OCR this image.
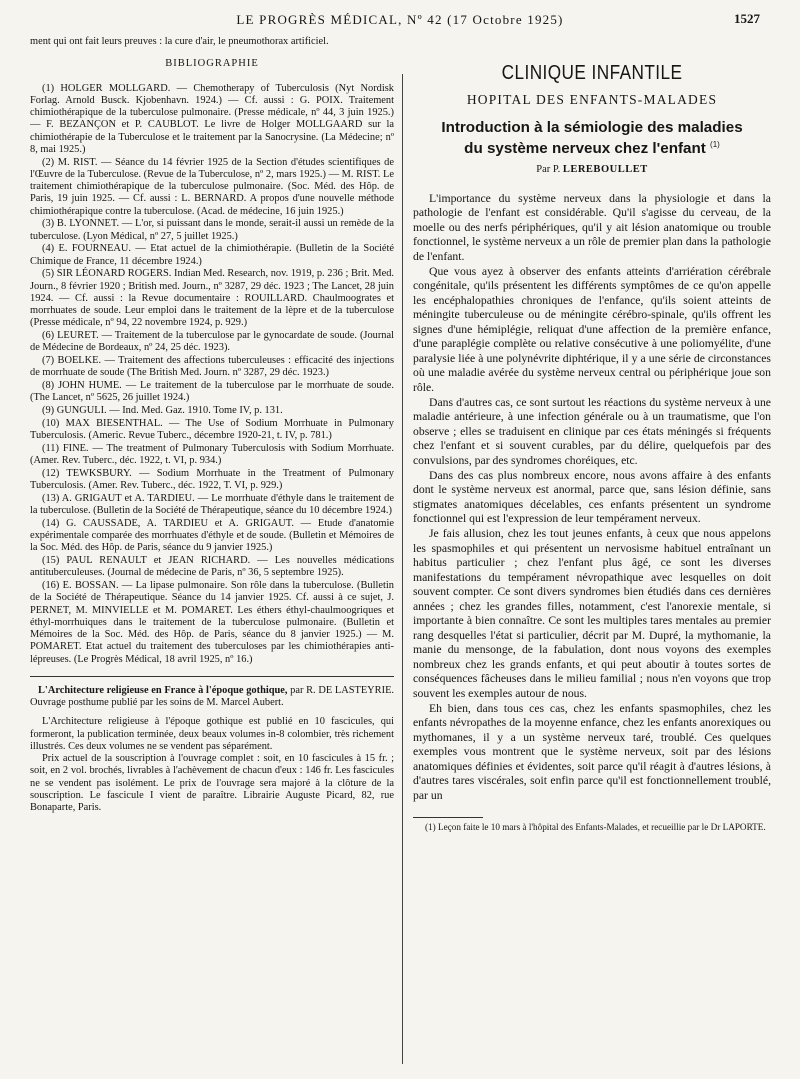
LE PROGRÈS MÉDICAL, Nº 42 (17 Octobre 1925)	1527

ment qui ont fait leurs preuves : la cure d'air, le pneumothorax artificiel.

BIBLIOGRAPHIE

(1) HOLGER MOLLGARD. — Chemotherapy of Tuberculosis (Nyt Nordisk Forlag. Arnold Busck. Kjobenhavn. 1924.) — Cf. aussi : G. POIX. Traitement chimiothérapique de la tuberculose pulmonaire. (Presse médicale, nº 44, 3 juin 1925.) — F. BEZANÇON et P. CAUBLOT. Le livre de Holger MOLLGAARD sur la chimiothérapie de la Tuberculose et le traitement par la Sanocrysine. (La Médecine; nº 8, mai 1925.)

(2) M. RIST. — Séance du 14 février 1925 de la Section d'études scientifiques de l'Œuvre de la Tuberculose. (Revue de la Tuberculose, nº 2, mars 1925.) — M. RIST. Le traitement chimiothérapique de la tuberculose pulmonaire. (Soc. Méd. des Hôp. de Paris, 19 juin 1925. — Cf. aussi : L. BERNARD. A propos d'une nouvelle méthode chimiothérapique contre la tuberculose. (Acad. de médecine, 16 juin 1925.)

(3) B. LYONNET. — L'or, si puissant dans le monde, serait-il aussi un remède de la tuberculose. (Lyon Médical, nº 27, 5 juillet 1925.)

(4) E. FOURNEAU. — Etat actuel de la chimiothérapie. (Bulletin de la Société Chimique de France, 11 décembre 1924.)

(5) SIR LÉONARD ROGERS. Indian Med. Research, nov. 1919, p. 236 ; Brit. Med. Journ., 8 février 1920 ; British med. Journ., nº 3287, 29 déc. 1923 ; The Lancet, 28 juin 1924. — Cf. aussi : la Revue documentaire : ROUILLARD. Chaulmoogrates et morrhuates de soude. Leur emploi dans le traitement de la lèpre et de la tuberculose (Presse médicale, nº 94, 22 novembre 1924, p. 929.)

(6) LEURET. — Traitement de la tuberculose par le gynocardate de soude. (Journal de Médecine de Bordeaux, nº 24, 25 déc. 1923).

(7) BOELKE. — Traitement des affections tuberculeuses : efficacité des injections de morrhuate de soude (The British Med. Journ. nº 3287, 29 déc. 1923.)

(8) JOHN HUME. — Le traitement de la tuberculose par le morrhuate de soude. (The Lancet, nº 5625, 26 juillet 1924.)

(9) GUNGULI. — Ind. Med. Gaz. 1910. Tome IV, p. 131.

(10) MAX BIESENTHAL. — The Use of Sodium Morrhuate in Pulmonary Tuberculosis. (Americ. Revue Tuberc., décembre 1920-21, t. IV, p. 781.)

(11) FINE. — The treatment of Pulmonary Tuberculosis with Sodium Morrhuate. (Amer. Rev. Tuberc., déc. 1922, t. VI, p. 934.)

(12) TEWKSBURY. — Sodium Morrhuate in the Treatment of Pulmonary Tuberculosis. (Amer. Rev. Tuberc., déc. 1922, T. VI, p. 929.)

(13) A. GRIGAUT et A. TARDIEU. — Le morrhuate d'éthyle dans le traitement de la tuberculose. (Bulletin de la Société de Thérapeutique, séance du 10 décembre 1924.)

(14) G. CAUSSADE, A. TARDIEU et A. GRIGAUT. — Etude d'anatomie expérimentale comparée des morrhuates d'éthyle et de soude. (Bulletin et Mémoires de la Soc. Méd. des Hôp. de Paris, séance du 9 janvier 1925.)

(15) PAUL RENAULT et JEAN RICHARD. — Les nouvelles médications antituberculeuses. (Journal de médecine de Paris, nº 36, 5 septembre 1925).

(16) E. BOSSAN. — La lipase pulmonaire. Son rôle dans la tuberculose. (Bulletin de la Société de Thérapeutique. Séance du 14 janvier 1925. Cf. aussi à ce sujet, J. PERNET, M. MINVIELLE et M. POMARET. Les éthers éthyl-chaulmoogriques et éthyl-morrhuiques dans le traitement de la tuberculose pulmonaire. (Bulletin et Mémoires de la Soc. Méd. des Hôp. de Paris, séance du 8 janvier 1925.) — M. POMARET. Etat actuel du traitement des tuberculoses par les chimiothérapies anti-lépreuses. (Le Progrès Médical, 18 avril 1925, nº 16.)

L'Architecture religieuse en France à l'époque gothique, par R. DE LASTEYRIE. Ouvrage posthume publié par les soins de M. Marcel Aubert.

L'Architecture religieuse à l'époque gothique est publié en 10 fascicules, qui formeront, la publication terminée, deux beaux volumes in-8 colombier, très richement illustrés. Ces deux volumes ne se vendent pas séparément.

Prix actuel de la souscription à l'ouvrage complet : soit, en 10 fascicules à 15 fr. ; soit, en 2 vol. brochés, livrables à l'achèvement de chacun d'eux : 146 fr. Les fascicules ne se vendent pas isolément. Le prix de l'ouvrage sera majoré à la clôture de la souscription. Le fascicule I vient de paraître. Librairie Auguste Picard, 82, rue Bonaparte, Paris.

CLINIQUE INFANTILE
HOPITAL DES ENFANTS-MALADES
Introduction à la sémiologie des maladies
du système nerveux chez l'enfant $^{(1)}$
Par P. LEREBOULLET

L'importance du système nerveux dans la physiologie et dans la pathologie de l'enfant est considérable. Qu'il s'agisse du cerveau, de la moelle ou des nerfs périphériques, qu'il y ait lésion anatomique ou trouble fonctionnel, le système nerveux a un rôle de premier plan dans la pathologie de l'enfant.

Que vous ayez à observer des enfants atteints d'arriération cérébrale congénitale, qu'ils présentent les différents symptômes de ce qu'on appelle les encéphalopathies chroniques de l'enfance, qu'ils soient atteints de méningite tuberculeuse ou de méningite cérébro-spinale, qu'ils offrent les signes d'une hémiplégie, reliquat d'une affection de la première enfance, d'une paraplégie complète ou relative consécutive à une poliomyélite, d'une paralysie liée à une polynévrite diphtérique, il y a une série de circonstances où une maladie avérée du système nerveux central ou périphérique joue son rôle.

Dans d'autres cas, ce sont surtout les réactions du système nerveux à une maladie antérieure, à une infection générale ou à un traumatisme, que l'on observe ; elles se traduisent en clinique par ces états méningés si fréquents chez l'enfant et si souvent curables, par du délire, quelquefois par des convulsions, par des syndromes choréiques, etc.

Dans des cas plus nombreux encore, nous avons affaire à des enfants dont le système nerveux est anormal, parce que, sans lésion définie, sans stigmates anatomiques décelables, ces enfants présentent un syndrome fonctionnel qui est l'expression de leur tempérament nerveux.

Je fais allusion, chez les tout jeunes enfants, à ceux que nous appelons les spasmophiles et qui présentent un nervosisme habituel entraînant un habitus particulier ; chez l'enfant plus âgé, ce sont les diverses manifestations du tempérament névropathique avec lesquelles on doit souvent compter. Ce sont divers syndromes bien étudiés dans ces dernières années ; chez les grandes filles, notamment, c'est l'anorexie mentale, si importante à bien connaître. Ce sont les multiples tares mentales au premier rang desquelles l'état si particulier, décrit par M. Dupré, la mythomanie, la manie du mensonge, de la fabulation, dont nous voyons des exemples nombreux chez les grands enfants, et qui peut aboutir à toutes sortes de conséquences fâcheuses dans le milieu familial ; nous n'en voyons que trop souvent les exemples autour de nous.

Eh bien, dans tous ces cas, chez les enfants spasmophiles, chez les enfants névropathes de la moyenne enfance, chez les enfants anorexiques ou mythomanes, il y a un système nerveux taré, troublé. Ces quelques exemples vous montrent que le système nerveux, soit par des lésions anatomiques définies et évidentes, soit parce qu'il réagit à d'autres lésions, à d'autres tares viscérales, soit enfin parce qu'il est fonctionnellement troublé, par un

(1) Leçon faite le 10 mars à l'hôpital des Enfants-Malades, et recueillie par le Dr LAPORTE.
